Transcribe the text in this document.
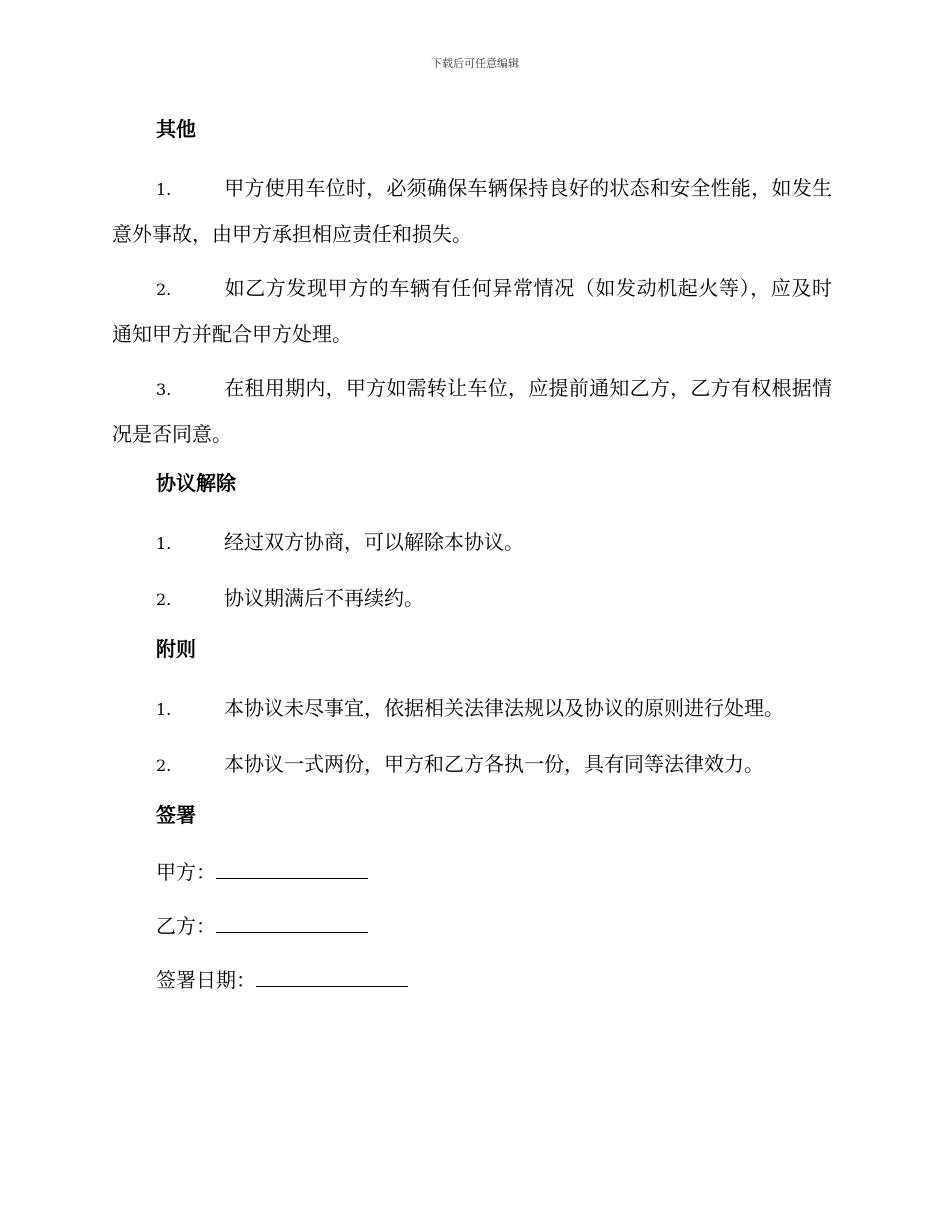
下载后可任意编辑
其他
1.	甲方使用车位时，必须确保车辆保持良好的状态和安全性能，如发生意外事故，由甲方承担相应责任和损失。
2.	如乙方发现甲方的车辆有任何异常情况（如发动机起火等），应及时通知甲方并配合甲方处理。
3.	在租用期内，甲方如需转让车位，应提前通知乙方，乙方有权根据情况是否同意。
协议解除
1.	经过双方协商，可以解除本协议。
2.	协议期满后不再续约。
附则
1.	本协议未尽事宜，依据相关法律法规以及协议的原则进行处理。
2.	本协议一式两份，甲方和乙方各执一份，具有同等法律效力。
签署
甲方：
乙方：
签署日期：
